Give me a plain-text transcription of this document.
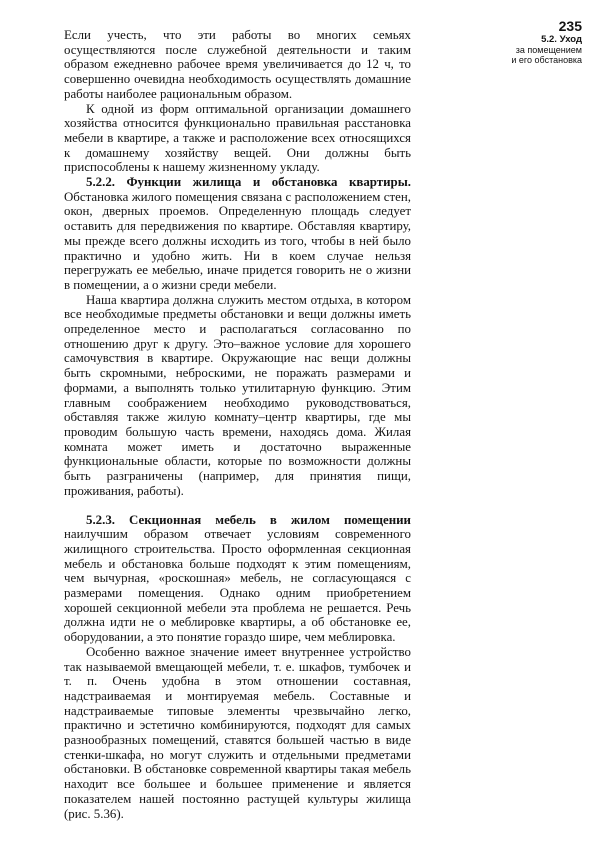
235
5.2. Уход
за помещением
и его обстановка

Если учесть, что эти работы во многих семьях осуществляются после служебной деятельности и таким образом ежедневно рабочее время увеличивается до 12 ч, то совершенно очевидна необходимость осуществлять домашние работы наиболее рациональным образом.

К одной из форм оптимальной организации домашнего хозяйства относится функционально правильная расстановка мебели в квартире, а также и расположение всех относящихся к домашнему хозяйству вещей. Они должны быть приспособлены к нашему жизненному укладу.

5.2.2. Функции жилища и обстановка квартиры. Обстановка жилого помещения связана с расположением стен, окон, дверных проемов. Определенную площадь следует оставить для передвижения по квартире. Обставляя квартиру, мы прежде всего должны исходить из того, чтобы в ней было практично и удобно жить. Ни в коем случае нельзя перегружать ее мебелью, иначе придется говорить не о жизни в помещении, а о жизни среди мебели.

Наша квартира должна служить местом отдыха, в котором все необходимые предметы обстановки и вещи должны иметь определенное место и располагаться согласованно по отношению друг к другу. Это–важное условие для хорошего самочувствия в квартире. Окружающие нас вещи должны быть скромными, неброскими, не поражать размерами и формами, а выполнять только утилитарную функцию. Этим главным соображением необходимо руководствоваться, обставляя также жилую комнату–центр квартиры, где мы проводим большую часть времени, находясь дома. Жилая комната может иметь и достаточно выраженные функциональные области, которые по возможности должны быть разграничены (например, для принятия пищи, проживания, работы).

5.2.3. Секционная мебель в жилом помещении наилучшим образом отвечает условиям современного жилищного строительства. Просто оформленная секционная мебель и обстановка больше подходят к этим помещениям, чем вычурная, «роскошная» мебель, не согласующаяся с размерами помещения. Однако одним приобретением хорошей секционной мебели эта проблема не решается. Речь должна идти не о меблировке квартиры, а об обстановке ее, оборудовании, а это понятие гораздо шире, чем меблировка.

Особенно важное значение имеет внутреннее устройство так называемой вмещающей мебели, т. е. шкафов, тумбочек и т. п. Очень удобна в этом отношении составная, надстраиваемая и монтируемая мебель. Составные и надстраиваемые типовые элементы чрезвычайно легко, практично и эстетично комбинируются, подходят для самых разнообразных помещений, ставятся большей частью в виде стенки-шкафа, но могут служить и отдельными предметами обстановки. В обстановке современной квартиры такая мебель находит все большее и большее применение и является показателем нашей постоянно растущей культуры жилища (рис. 5.36).
